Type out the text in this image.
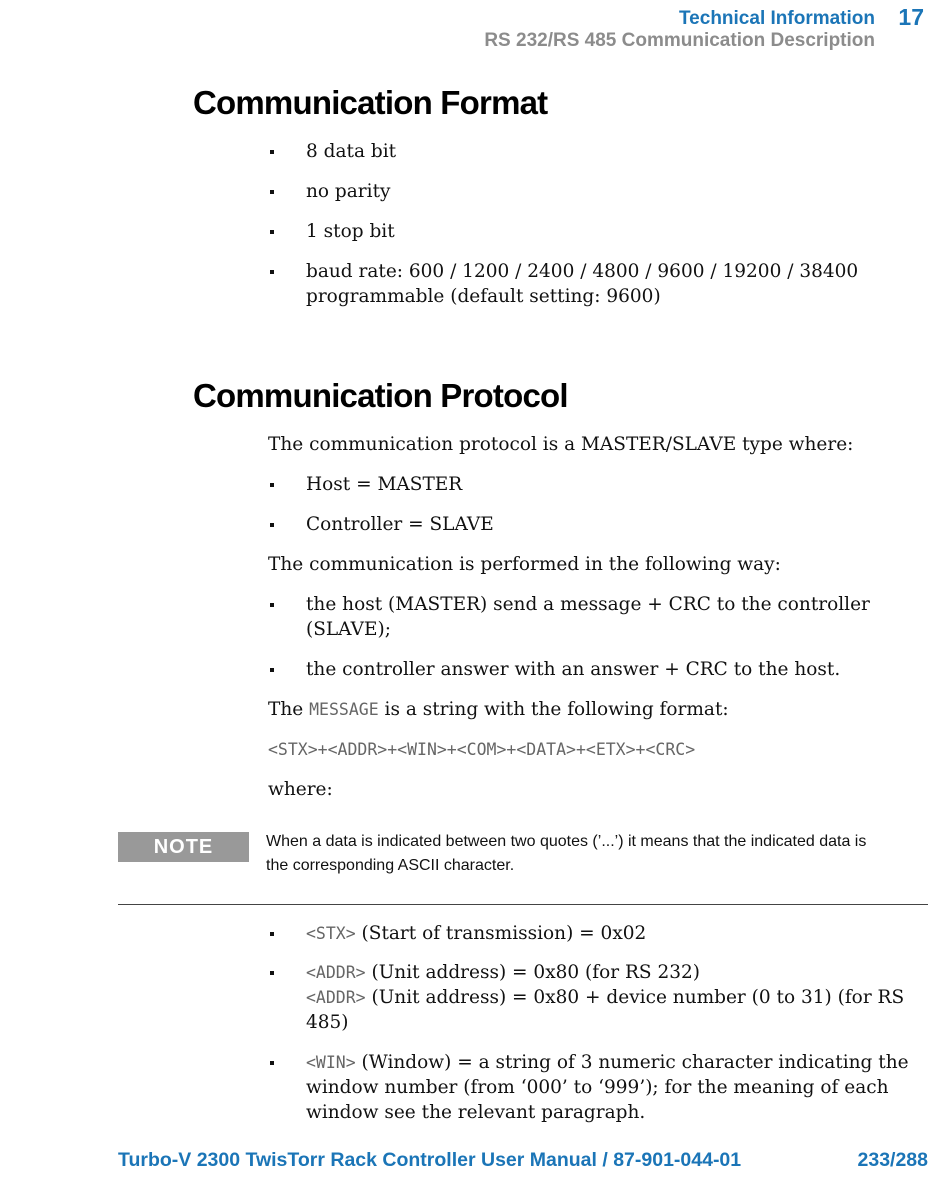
Technical Information
RS 232/RS 485 Communication Description
17
Communication Format
8 data bit
no parity
1 stop bit
baud rate: 600 / 1200 / 2400 / 4800 / 9600 / 19200 / 38400
programmable (default setting: 9600)
Communication Protocol
The communication protocol is a MASTER/SLAVE type where:
Host = MASTER
Controller = SLAVE
The communication is performed in the following way:
the host (MASTER) send a message + CRC to the controller
(SLAVE);
the controller answer with an answer + CRC to the host.
The MESSAGE is a string with the following format:
<STX>+<ADDR>+<WIN>+<COM>+<DATA>+<ETX>+<CRC>
where:
NOTE	When a data is indicated between two quotes (’...’) it means that the indicated data is
the corresponding ASCII character.
<STX> (Start of transmission) = 0x02
<ADDR> (Unit address) = 0x80 (for RS 232)
<ADDR> (Unit address) = 0x80 + device number (0 to 31) (for RS
485)
<WIN> (Window) = a string of 3 numeric character indicating the
window number (from ‘000’ to ‘999’); for the meaning of each
window see the relevant paragraph.
Turbo-V 2300 TwisTorr Rack Controller User Manual / 87-901-044-01	233/288
